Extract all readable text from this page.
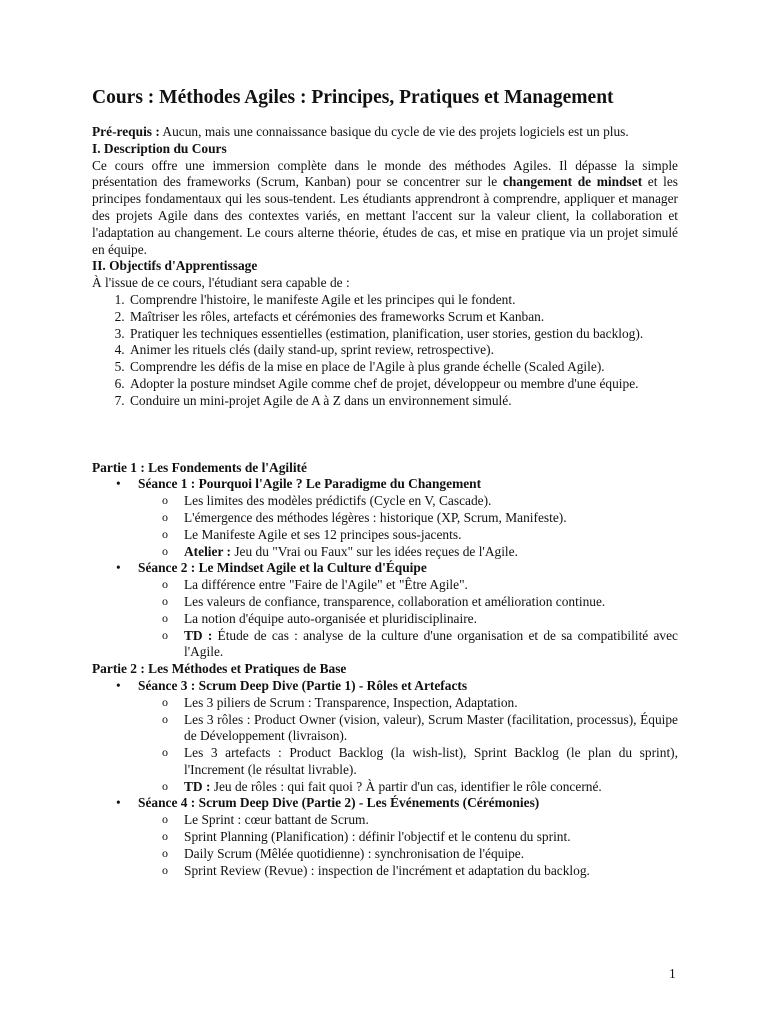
Cours : Méthodes Agiles : Principes, Pratiques et Management

Pré-requis : Aucun, mais une connaissance basique du cycle de vie des projets logiciels est un plus.

I. Description du Cours

Ce cours offre une immersion complète dans le monde des méthodes Agiles. Il dépasse la simple présentation des frameworks (Scrum, Kanban) pour se concentrer sur le changement de mindset et les principes fondamentaux qui les sous-tendent. Les étudiants apprendront à comprendre, appliquer et manager des projets Agile dans des contextes variés, en mettant l'accent sur la valeur client, la collaboration et l'adaptation au changement. Le cours alterne théorie, études de cas, et mise en pratique via un projet simulé en équipe.

II. Objectifs d'Apprentissage

À l'issue de ce cours, l'étudiant sera capable de :

1. Comprendre l'histoire, le manifeste Agile et les principes qui le fondent.
2. Maîtriser les rôles, artefacts et cérémonies des frameworks Scrum et Kanban.
3. Pratiquer les techniques essentielles (estimation, planification, user stories, gestion du backlog).
4. Animer les rituels clés (daily stand-up, sprint review, retrospective).
5. Comprendre les défis de la mise en place de l'Agile à plus grande échelle (Scaled Agile).
6. Adopter la posture mindset Agile comme chef de projet, développeur ou membre d'une équipe.
7. Conduire un mini-projet Agile de A à Z dans un environnement simulé.

Partie 1 : Les Fondements de l'Agilité

• Séance 1 : Pourquoi l'Agile ? Le Paradigme du Changement
o Les limites des modèles prédictifs (Cycle en V, Cascade).
o L'émergence des méthodes légères : historique (XP, Scrum, Manifeste).
o Le Manifeste Agile et ses 12 principes sous-jacents.
o Atelier : Jeu du "Vrai ou Faux" sur les idées reçues de l'Agile.
• Séance 2 : Le Mindset Agile et la Culture d'Équipe
o La différence entre "Faire de l'Agile" et "Être Agile".
o Les valeurs de confiance, transparence, collaboration et amélioration continue.
o La notion d'équipe auto-organisée et pluridisciplinaire.
o TD : Étude de cas : analyse de la culture d'une organisation et de sa compatibilité avec l'Agile.

Partie 2 : Les Méthodes et Pratiques de Base

• Séance 3 : Scrum Deep Dive (Partie 1) - Rôles et Artefacts
o Les 3 piliers de Scrum : Transparence, Inspection, Adaptation.
o Les 3 rôles : Product Owner (vision, valeur), Scrum Master (facilitation, processus), Équipe de Développement (livraison).
o Les 3 artefacts : Product Backlog (la wish-list), Sprint Backlog (le plan du sprint), l'Increment (le résultat livrable).
o TD : Jeu de rôles : qui fait quoi ? À partir d'un cas, identifier le rôle concerné.
• Séance 4 : Scrum Deep Dive (Partie 2) - Les Événements (Cérémonies)
o Le Sprint : cœur battant de Scrum.
o Sprint Planning (Planification) : définir l'objectif et le contenu du sprint.
o Daily Scrum (Mêlée quotidienne) : synchronisation de l'équipe.
o Sprint Review (Revue) : inspection de l'incrément et adaptation du backlog.
1
